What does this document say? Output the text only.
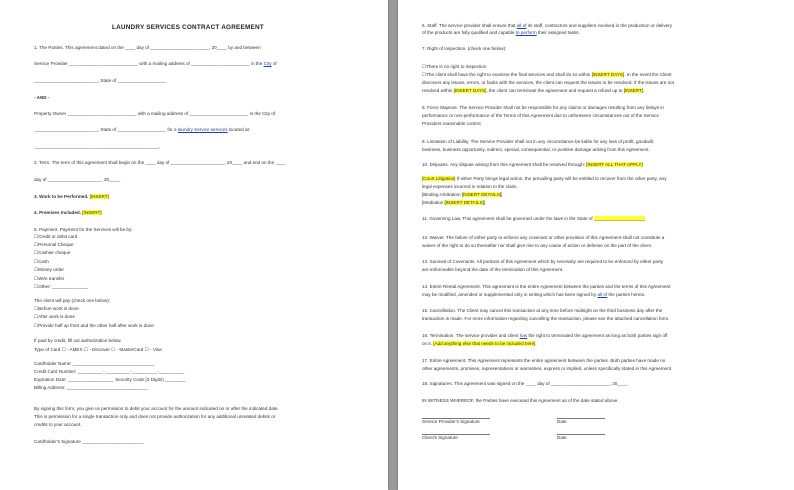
LAUNDRY SERVICES CONTRACT AGREEMENT
1. The Parties. This agreement dated on the ____ day of _______________________, 20____ by and between
Service Provider ___________________________ with a mailing address of _______________________ in the City of
_________________________, State of ___________________
- AND -
Property Owner ___________________________ with a mailing address of _______________________ in the City of
_________________________, State of ___________________ for a laundry Service services located at:
_________________________________________________.
2. Term. The term of this agreement shall begin on the ____ day of _____________________, 20____ and end on the ____
day of _____________________, 20____.
3. Work to be Performed. [INSERT]
4. Premises Included. [INSERT]
5. Payment. Payment for the Services will be by:
☐Credit or debit card
☐Personal Cheque
☐Cashier cheque
☐Cash
☐Money order
☐Wire transfer
☐Other: ______________
The client will pay (check one below):
☐Before work is done
☐After work is done
☐Provide half up front and the other half after work is done
If paid by credit, fill out authorization below.
Type of Card ☐ - AMEX ☐ - Discover ☐ - MasterCard ☐ - Visa
Cardholder Name: ________________________________
Credit Card Number: __________-__________-__________-__________
Expiration Date: __________________ Security Code (3 Digits) ________
Billing Address: ________________________________
By signing this form, you give us permission to debit your account for the amount indicated on or after the indicated date.
This is permission for a single transaction only and does not provide authorization for any additional unrelated debits or
credits to your account.
Cardholder's Signature ________________________
6. Staff. The service provider shall ensure that all of its staff, contractors and suppliers involved in the production or delivery
of the products are fully qualified and capable to perform their assigned tasks.
7. Right of Inspection. (check one below):
☐There is no right to inspection
☐The client shall have the right to examine the final services and shall do so within [INSERT DAYS]. In the event the Client
discovers any issues, errors, or faults with the services, the client can request the issues to be resolved. If the issues are not
resolved within [INSERT DAYS], the client can terminate the agreement and request a refund up to [INSERT].
8. Force Majeure. The Service Provider shall not be responsible for any claims or damages resulting from any delays in
performance or non-performance of the Terms of this Agreement due to unforeseen circumstances out of the Service
Providers reasonable control.
9. Limitation of Liability. The Service Provider shall not in any circumstance be liable for any loss of profit, goodwill,
business, business opportunity, indirect, special, consequential, or punitive damage arising from this Agreement.
10. Disputes. Any dispute arising from this Agreement shall be resolved through: [INSERT ALL THAT APPLY]
[Court Litigation] If either Party brings legal action, the prevailing party will be entitled to recover from the other party, any
legal expenses incurred in relation to the claim.
[Binding Arbitration [INSERT DETAILS]]
[Mediation [INSERT DETAILS]]
11. Governing Law. This agreement shall be governed under the laws in the State of ____________________
12. Waiver. The failure of either party to enforce any covenant or other provision of this Agreement shall not constitute a
waiver of the right to do so thereafter nor shall give rise to any cause of action or defense on the part of the client.
13. Survival of Covenants. All portions of this Agreement which by necessity are required to be enforced by either party
are enforceable beyond the date of the termination of this Agreement.
14. Entire Rental Agreement. This agreement is the entire Agreement between the parties and the terms of this Agreement
may be modified, amended or supplemented only in writing which has been signed by all of the parties hereto.
15. Cancellation. The Client may cancel this transaction at any time before midnight on the third business day after the
transaction is made. For more information regarding cancelling the transaction, please see the attached cancellation form.
16. Termination. The service provider and client has the right to terminated the agreement as long as both parties sign off
on it. [Add anything else that needs to be included here].
17. Entire Agreement. This Agreement represents the entire agreement between the parties. Both parties have made no
other agreements, promises, representations or warranties, express or implied, unless specifically stated in this Agreement.
18. Signatures. This agreement was signed on the ____ day of _______________________, 20____.
IN WITNESS WHEREOF, the Parties have executed this Agreement as of the date stated above.
Service Provider's Signature	Date
Client's Signature	Date
